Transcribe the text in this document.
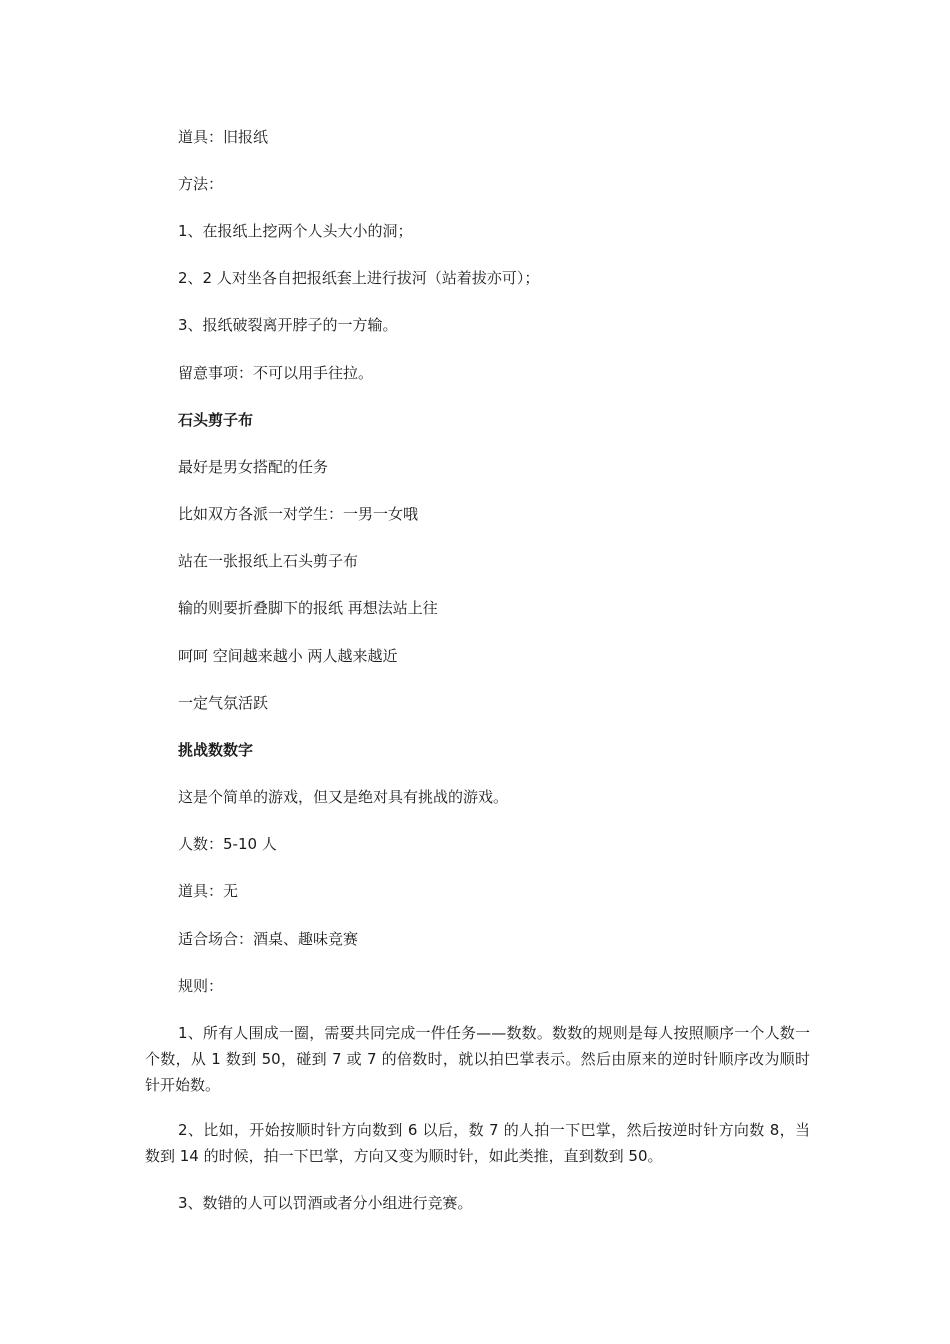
道具：旧报纸
方法：
1、在报纸上挖两个人头大小的洞；
2、2 人对坐各自把报纸套上进行拔河（站着拔亦可）；
3、报纸破裂离开脖子的一方输。
留意事项：不可以用手往拉。
石头剪子布
最好是男女搭配的任务
比如双方各派一对学生：一男一女哦
站在一张报纸上石头剪子布
输的则要折叠脚下的报纸 再想法站上往
呵呵 空间越来越小 两人越来越近
一定气氛活跃
挑战数数字
这是个简单的游戏，但又是绝对具有挑战的游戏。
人数：5-10 人
道具：无
适合场合：酒桌、趣味竞赛
规则：
1、所有人围成一圈，需要共同完成一件任务——数数。数数的规则是每人按照顺序一个人数一个数，从 1 数到 50，碰到 7 或 7 的倍数时，就以拍巴掌表示。然后由原来的逆时针顺序改为顺时针开始数。
2、比如，开始按顺时针方向数到 6 以后，数 7 的人拍一下巴掌，然后按逆时针方向数 8，当数到 14 的时候，拍一下巴掌，方向又变为顺时针，如此类推，直到数到 50。
3、数错的人可以罚酒或者分小组进行竞赛。
